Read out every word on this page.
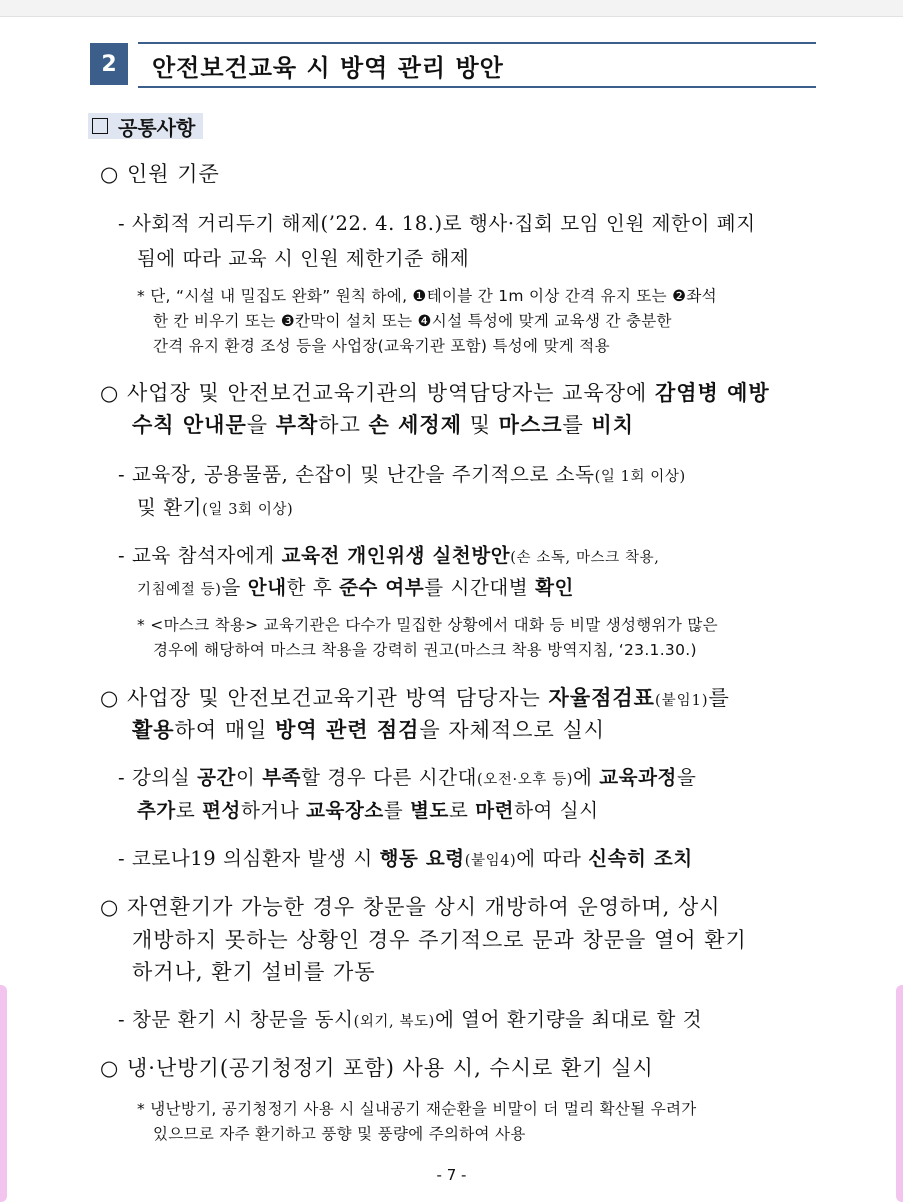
2	안전보건교육 시 방역 관리 방안
공통사항
○ 인원 기준
- 사회적 거리두기 해제(’22. 4. 18.)로 행사·집회 모임 인원 제한이 폐지
됨에 따라 교육 시 인원 제한기준 해제
* 단, “시설 내 밀집도 완화” 원칙 하에, ❶테이블 간 1m 이상 간격 유지 또는 ❷좌석
한 칸 비우기 또는 ❸칸막이 설치 또는 ❹시설 특성에 맞게 교육생 간 충분한
간격 유지 환경 조성 등을 사업장(교육기관 포함) 특성에 맞게 적용
○ 사업장 및 안전보건교육기관의 방역담당자는 교육장에 감염병 예방
수칙 안내문을 부착하고 손 세정제 및 마스크를 비치
- 교육장, 공용물품, 손잡이 및 난간을 주기적으로 소독(일 1회 이상)
및 환기(일 3회 이상)
- 교육 참석자에게 교육전 개인위생 실천방안(손 소독, 마스크 착용,
기침예절 등)을 안내한 후 준수 여부를 시간대별 확인
* <마스크 착용> 교육기관은 다수가 밀집한 상황에서 대화 등 비말 생성행위가 많은
경우에 해당하여 마스크 착용을 강력히 권고(마스크 착용 방역지침, ‘23.1.30.)
○ 사업장 및 안전보건교육기관 방역 담당자는 자율점검표(붙임1)를
활용하여 매일 방역 관련 점검을 자체적으로 실시
- 강의실 공간이 부족할 경우 다른 시간대(오전·오후 등)에 교육과정을
추가로 편성하거나 교육장소를 별도로 마련하여 실시
- 코로나19 의심환자 발생 시 행동 요령(붙임4)에 따라 신속히 조치
○ 자연환기가 가능한 경우 창문을 상시 개방하여 운영하며, 상시
개방하지 못하는 상황인 경우 주기적으로 문과 창문을 열어 환기
하거나, 환기 설비를 가동
- 창문 환기 시 창문을 동시(외기, 복도)에 열어 환기량을 최대로 할 것
○ 냉·난방기(공기청정기 포함) 사용 시, 수시로 환기 실시
* 냉난방기, 공기청정기 사용 시 실내공기 재순환을 비말이 더 멀리 확산될 우려가
있으므로 자주 환기하고 풍향 및 풍량에 주의하여 사용
- 7 -
